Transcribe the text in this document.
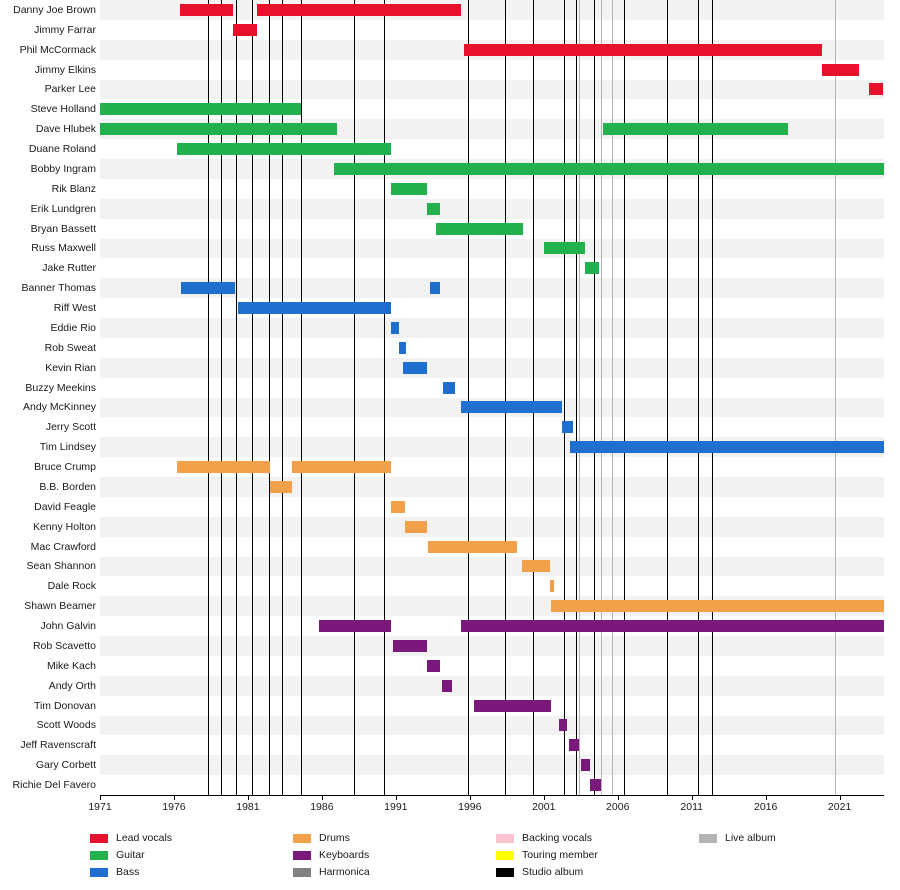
Danny Joe Brown
Jimmy Farrar
Phil McCormack
Jimmy Elkins
Parker Lee
Steve Holland
Dave Hlubek
Duane Roland
Bobby Ingram
Rik Blanz
Erik Lundgren
Bryan Bassett
Russ Maxwell
Jake Rutter
Banner Thomas
Riff West
Eddie Rio
Rob Sweat
Kevin Rian
Buzzy Meekins
Andy McKinney
Jerry Scott
Tim Lindsey
Bruce Crump
B.B. Borden
David Feagle
Kenny Holton
Mac Crawford
Sean Shannon
Dale Rock
Shawn Beamer
John Galvin
Rob Scavetto
Mike Kach
Andy Orth
Tim Donovan
Scott Woods
Jeff Ravenscraft
Gary Corbett
Richie Del Favero
1971	1976	1981	1986	1991	1996	2001	2006	2011	2016	2021
Lead vocals
Guitar
Bass
Drums
Keyboards
Harmonica
Backing vocals
Touring member
Studio album
Live album
